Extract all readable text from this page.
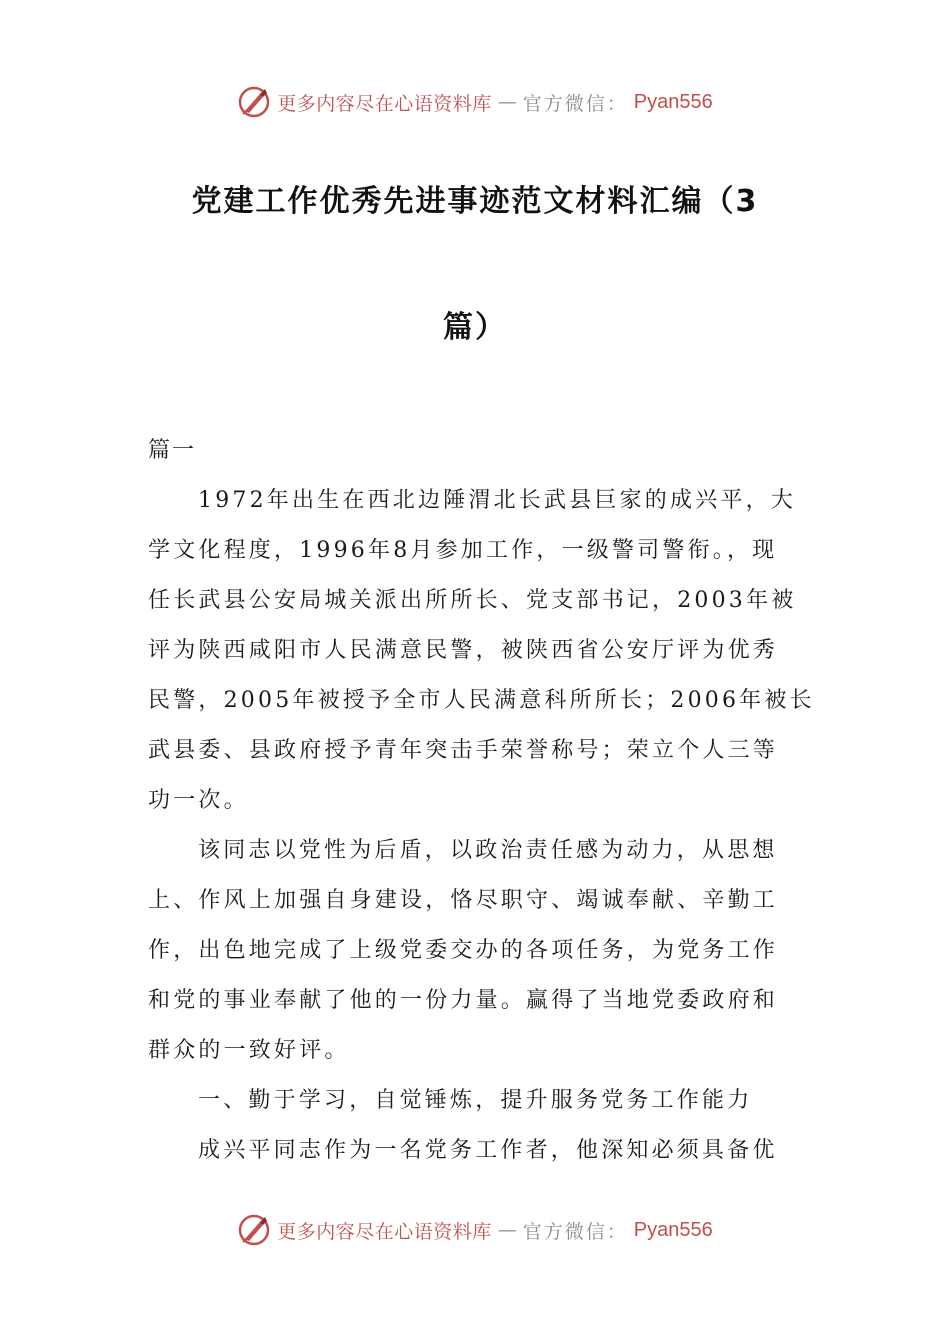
更多内容尽在心语资料库 — 官方微信： Pyan556
党建工作优秀先进事迹范文材料汇编（3
篇）

篇一

1972年出生在西北边陲渭北长武县巨家的成兴平，大
学文化程度，1996年8月参加工作，一级警司警衔。，现
任长武县公安局城关派出所所长、党支部书记，2003年被
评为陕西咸阳市人民满意民警，被陕西省公安厅评为优秀
民警，2005年被授予全市人民满意科所所长；2006年被长
武县委、县政府授予青年突击手荣誉称号；荣立个人三等
功一次。

该同志以党性为后盾，以政治责任感为动力，从思想
上、作风上加强自身建设，恪尽职守、竭诚奉献、辛勤工
作，出色地完成了上级党委交办的各项任务，为党务工作
和党的事业奉献了他的一份力量。赢得了当地党委政府和
群众的一致好评。

一、勤于学习，自觉锤炼，提升服务党务工作能力

成兴平同志作为一名党务工作者，他深知必须具备优

更多内容尽在心语资料库 — 官方微信： Pyan556
